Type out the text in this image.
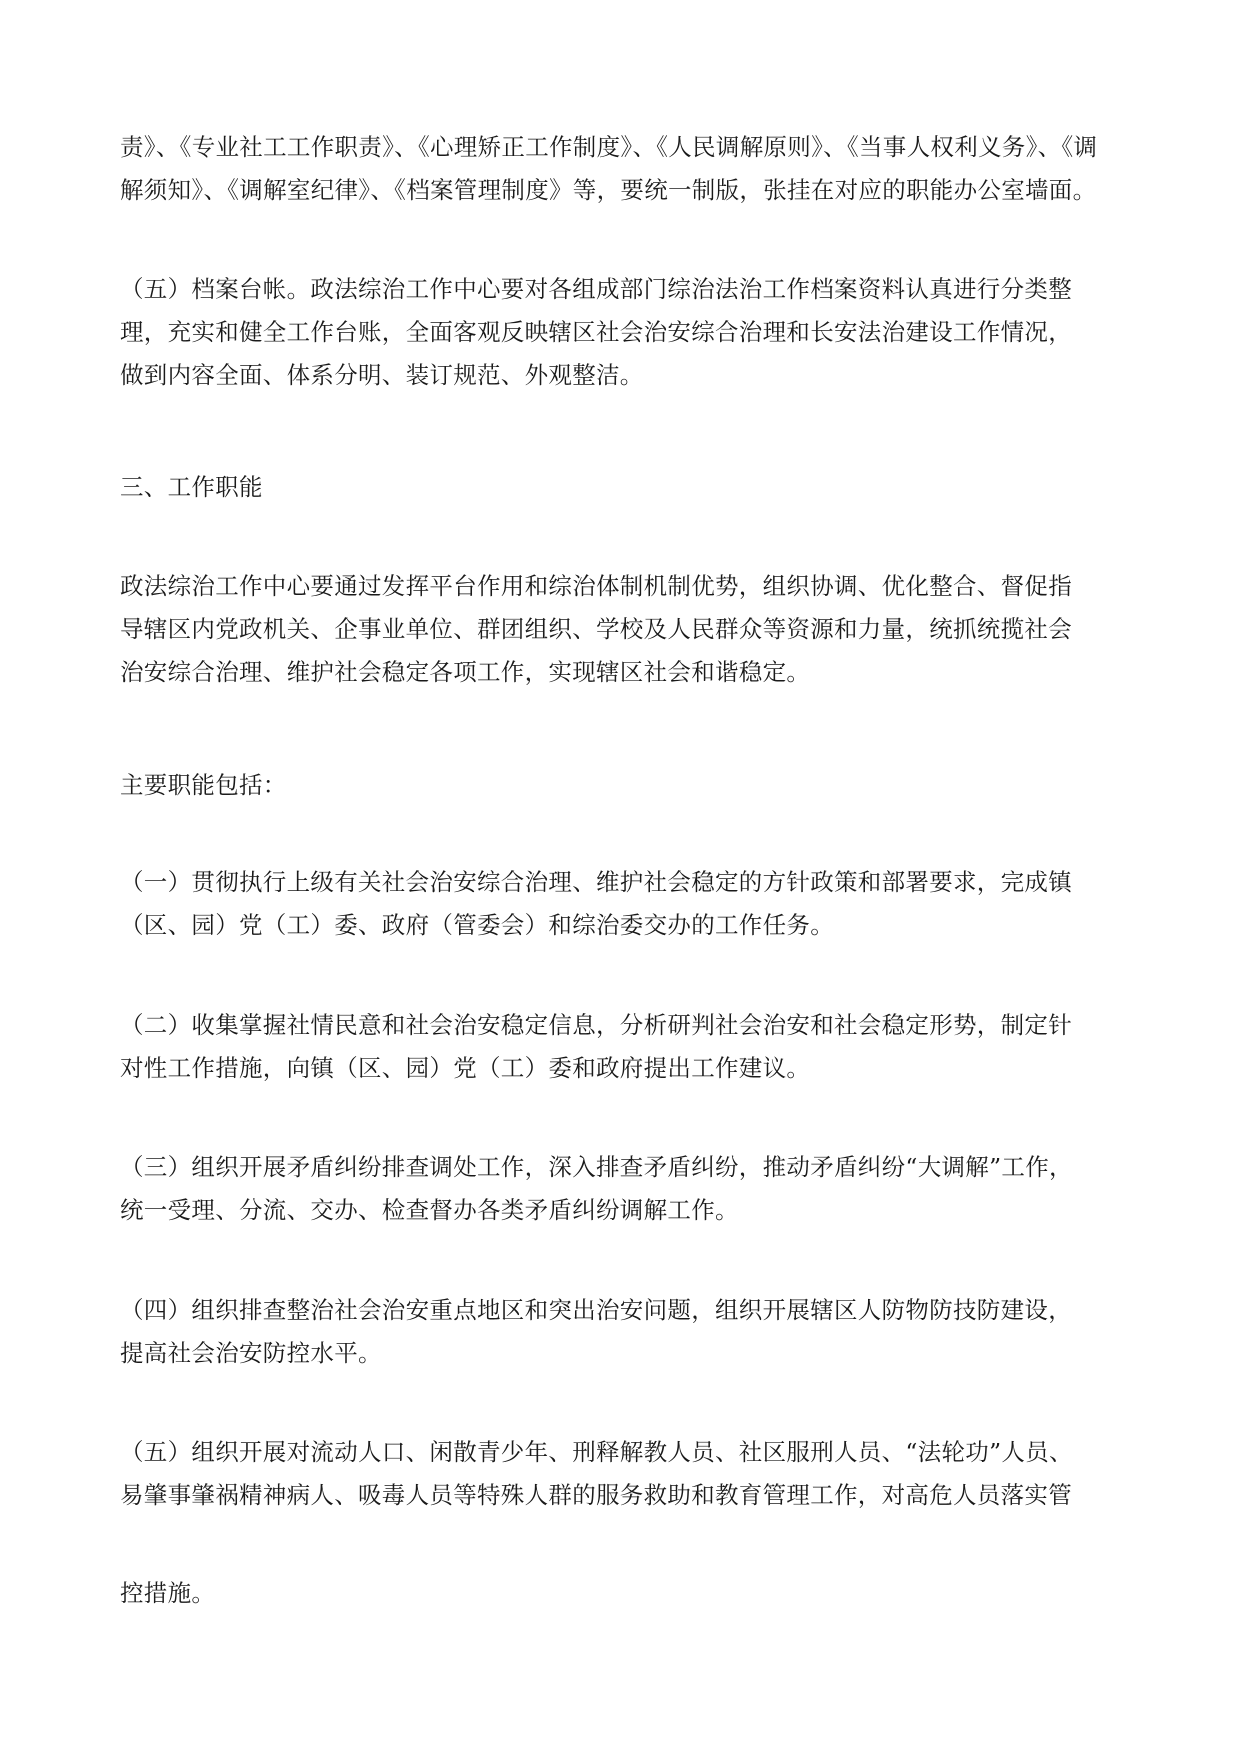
责》、《专业社工工作职责》、《心理矫正工作制度》、《人民调解原则》、《当事人权利义务》、《调
解须知》、《调解室纪律》、《档案管理制度》等，要统一制版，张挂在对应的职能办公室墙面。

（五）档案台帐。政法综治工作中心要对各组成部门综治法治工作档案资料认真进行分类整
理，充实和健全工作台账，全面客观反映辖区社会治安综合治理和长安法治建设工作情况，
做到内容全面、体系分明、装订规范、外观整洁。

三、工作职能

政法综治工作中心要通过发挥平台作用和综治体制机制优势，组织协调、优化整合、督促指
导辖区内党政机关、企事业单位、群团组织、学校及人民群众等资源和力量，统抓统揽社会
治安综合治理、维护社会稳定各项工作，实现辖区社会和谐稳定。

主要职能包括：

（一）贯彻执行上级有关社会治安综合治理、维护社会稳定的方针政策和部署要求，完成镇
（区、园）党（工）委、政府（管委会）和综治委交办的工作任务。

（二）收集掌握社情民意和社会治安稳定信息，分析研判社会治安和社会稳定形势，制定针
对性工作措施，向镇（区、园）党（工）委和政府提出工作建议。

（三）组织开展矛盾纠纷排查调处工作，深入排查矛盾纠纷，推动矛盾纠纷“大调解”工作，
统一受理、分流、交办、检查督办各类矛盾纠纷调解工作。

（四）组织排查整治社会治安重点地区和突出治安问题，组织开展辖区人防物防技防建设，
提高社会治安防控水平。

（五）组织开展对流动人口、闲散青少年、刑释解教人员、社区服刑人员、“法轮功”人员、
易肇事肇祸精神病人、吸毒人员等特殊人群的服务救助和教育管理工作，对高危人员落实管

控措施。
